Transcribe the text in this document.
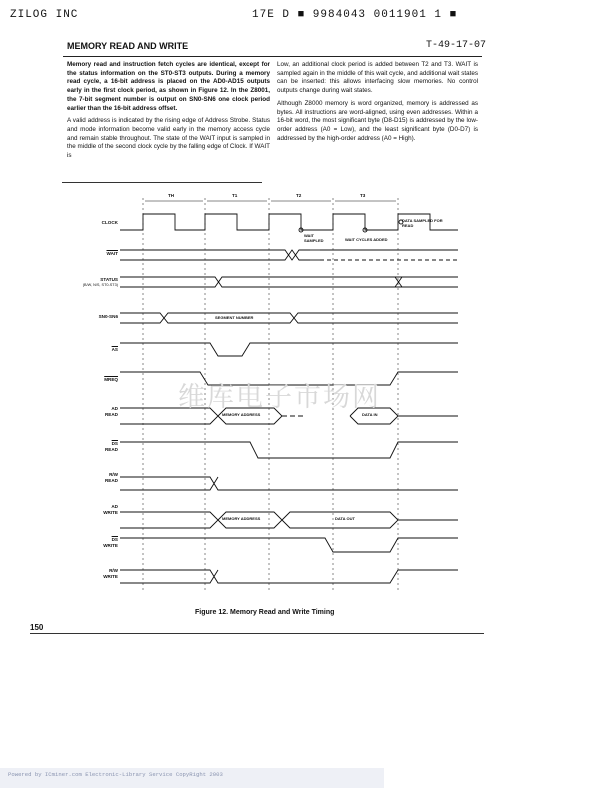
ZILOG INC	17E D ■ 9984043 0011901 1 ■
MEMORY READ AND WRITE	T-49-17-07

Memory read and instruction fetch cycles are identical, except for the status information on the ST0-ST3 outputs. During a memory read cycle, a 16-bit address is placed on the AD0-AD15 outputs early in the first clock period, as shown in Figure 12. In the Z8001, the 7-bit segment number is output on SN0-SN6 one clock period earlier than the 16-bit address offset.

A valid address is indicated by the rising edge of Address Strobe. Status and mode information become valid early in the memory access cycle and remain stable throughout. The state of the WAIT input is sampled in the middle of the second clock cycle by the falling edge of Clock. If WAIT is

Low, an additional clock period is added between T2 and T3. WAIT is sampled again in the middle of this wait cycle, and additional wait states can be inserted: this allows interfacing slow memories. No control outputs change during wait states.

Although Z8000 memory is word organized, memory is addressed as bytes. All instructions are word-aligned, using even addresses. Within a 16-bit word, the most significant byte (D8-D15) is addressed by the low-order address (A0 = Low), and the least significant byte (D0-D7) is addressed by the high-order address (A0 = High).

CLOCK
WAIT
STATUS
(B/W, N/S, ST0-ST3)
SN0-SN6
$\overline{AS}$
MREQ
AD
READ
$\overline{DS}$
READ
R/W
READ
AD
WRITE
$\overline{DS}$
WRITE
R/W
WRITE
TH	T1	T2	T3
DATA SAMPLED FOR READ
WAIT SAMPLED	WAIT CYCLES ADDED
SEGMENT NUMBER
MEMORY ADDRESS	DATA IN
MEMORY ADDRESS	DATA OUT
维库电子市场网
Figure 12. Memory Read and Write Timing
150
Powered by ICminer.com Electronic-Library Service CopyRight 2003
